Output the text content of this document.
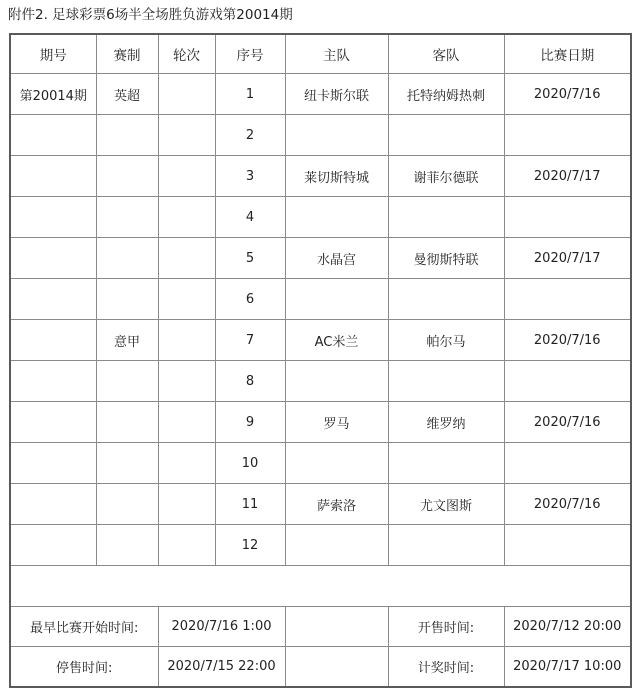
附件2. 足球彩票6场半全场胜负游戏第20014期
期号	赛制	轮次	序号	主队	客队	比赛日期
第20014期	英超		1	纽卡斯尔联	托特纳姆热刺	2020/7/16
			2			
			3	莱切斯特城	谢菲尔德联	2020/7/17
			4			
			5	水晶宫	曼彻斯特联	2020/7/17
			6			
	意甲		7	AC米兰	帕尔马	2020/7/16
			8			
			9	罗马	维罗纳	2020/7/16
			10			
			11	萨索洛	尤文图斯	2020/7/16
			12			

最早比赛开始时间:		2020/7/16 1:00			开售时间:	2020/7/12 20:00
停售时间:		2020/7/15 22:00			计奖时间:	2020/7/17 10:00
